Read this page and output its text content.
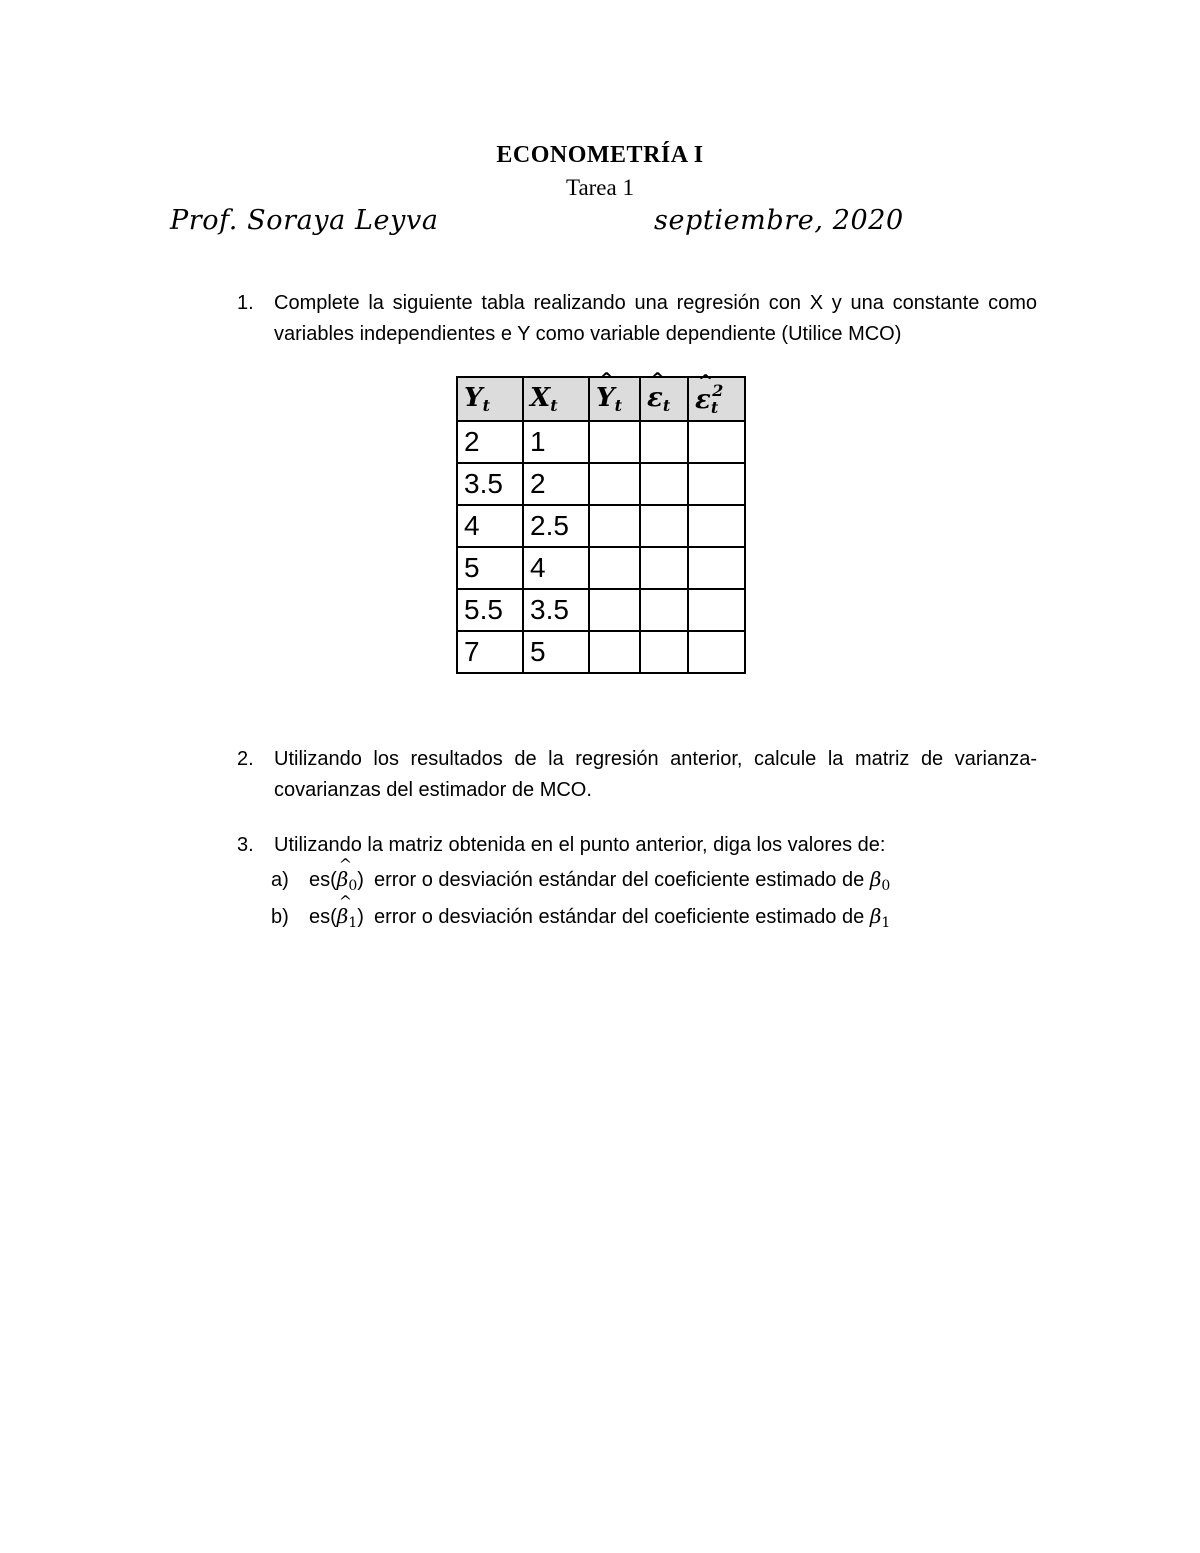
ECONOMETRÍA I
Tarea 1
Prof. Soraya Leyva	septiembre, 2020
1.	Complete la siguiente tabla realizando una regresión con X y una constante como variables independientes e Y como variable dependiente (Utilice MCO)
Yt	Xt	^ Yt	^ εt	^ $\varepsilon t^2$
2	1			
3.5	2			
4	2.5			
5	4			
5.5	3.5			
7	5			
2.	Utilizando los resultados de la regresión anterior, calcule la matriz de varianza-covarianzas del estimador de MCO.
3.	Utilizando la matriz obtenida en el punto anterior, diga los valores de:
a) es(^ $\beta_0$) error o desviación estándar del coeficiente estimado de $\beta_0$
b) es(^ $\beta_1$) error o desviación estándar del coeficiente estimado de $\beta_1$
